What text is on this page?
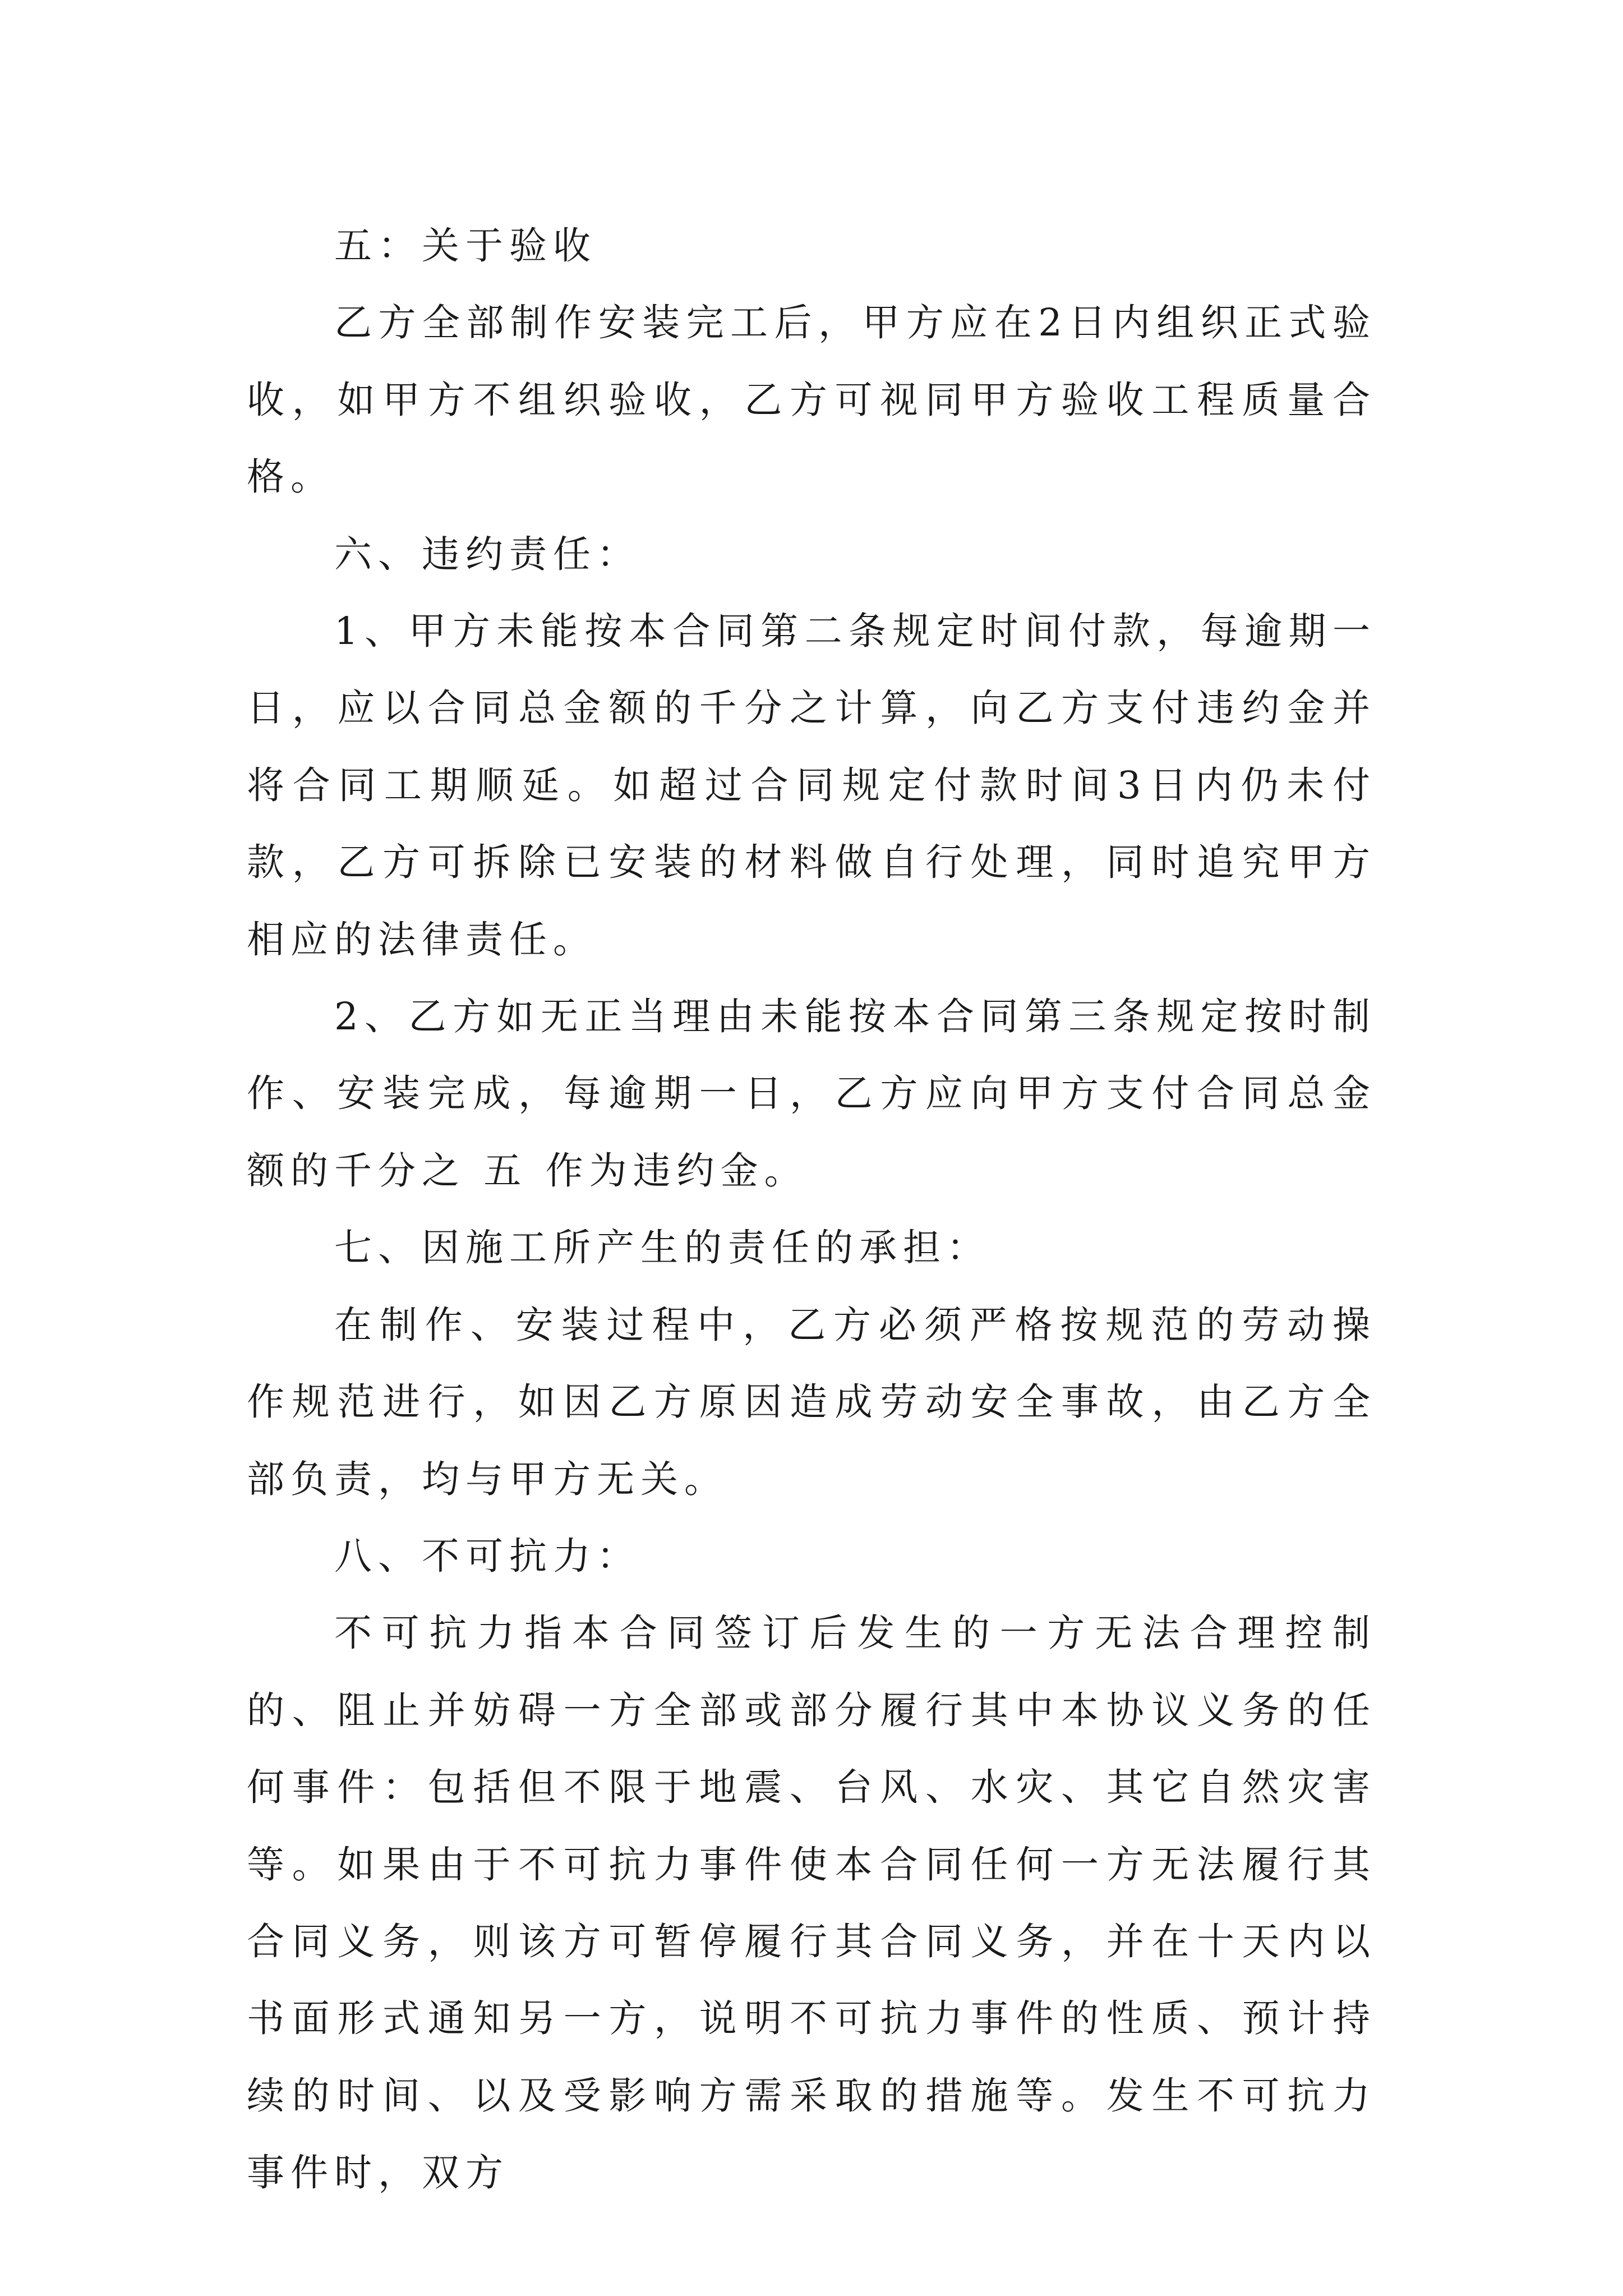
五：关于验收

乙方全部制作安装完工后，甲方应在2日内组织正式验收，如甲方不组织验收，乙方可视同甲方验收工程质量合格。

六、违约责任：

1、甲方未能按本合同第二条规定时间付款，每逾期一日，应以合同总金额的千分之计算，向乙方支付违约金并将合同工期顺延。如超过合同规定付款时间3日内仍未付款，乙方可拆除已安装的材料做自行处理，同时追究甲方相应的法律责任。

2、乙方如无正当理由未能按本合同第三条规定按时制作、安装完成，每逾期一日，乙方应向甲方支付合同总金额的千分之 五 作为违约金。

七、因施工所产生的责任的承担：

在制作、安装过程中，乙方必须严格按规范的劳动操作规范进行，如因乙方原因造成劳动安全事故，由乙方全部负责，均与甲方无关。

八、不可抗力：

不可抗力指本合同签订后发生的一方无法合理控制的、阻止并妨碍一方全部或部分履行其中本协议义务的任何事件：包括但不限于地震、台风、水灾、其它自然灾害等。如果由于不可抗力事件使本合同任何一方无法履行其合同义务，则该方可暂停履行其合同义务，并在十天内以书面形式通知另一方，说明不可抗力事件的性质、预计持续的时间、以及受影响方需采取的措施等。发生不可抗力事件时，双方
